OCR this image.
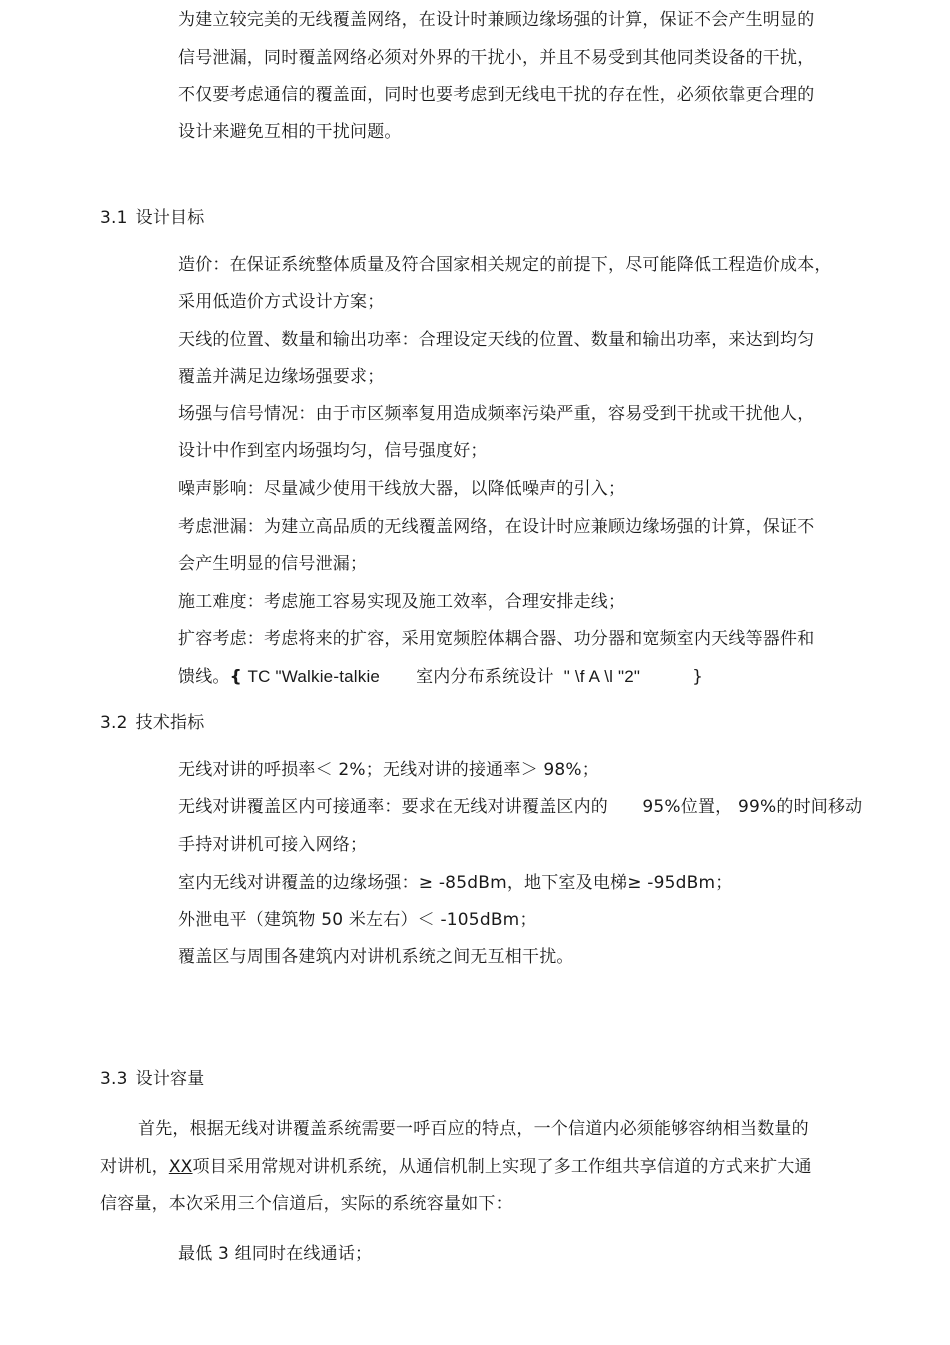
为建立较完美的无线覆盖网络，在设计时兼顾边缘场强的计算，保证不会产生明显的
信号泄漏，同时覆盖网络必须对外界的干扰小，并且不易受到其他同类设备的干扰，
不仅要考虑通信的覆盖面，同时也要考虑到无线电干扰的存在性，必须依靠更合理的
设计来避免互相的干扰问题。
3.1 设计目标
造价：在保证系统整体质量及符合国家相关规定的前提下，尽可能降低工程造价成本，
采用低造价方式设计方案；
天线的位置、数量和输出功率：合理设定天线的位置、数量和输出功率，来达到均匀
覆盖并满足边缘场强要求；
场强与信号情况：由于市区频率复用造成频率污染严重，容易受到干扰或干扰他人，
设计中作到室内场强均匀，信号强度好；
噪声影响：尽量减少使用干线放大器，以降低噪声的引入；
考虑泄漏：为建立高品质的无线覆盖网络，在设计时应兼顾边缘场强的计算，保证不
会产生明显的信号泄漏；
施工难度：考虑施工容易实现及施工效率，合理安排走线；
扩容考虑：考虑将来的扩容，采用宽频腔体耦合器、功分器和宽频室内天线等器件和
馈线。{ TC "Walkie-talkie 室内分布系统设计 " \f A \l "2"	}
3.2 技术指标
无线对讲的呼损率＜ 2%；无线对讲的接通率＞ 98%；
无线对讲覆盖区内可接通率：要求在无线对讲覆盖区内的　　95%位置， 99%的时间移动
手持对讲机可接入网络；
室内无线对讲覆盖的边缘场强：≥ -85dBm，地下室及电梯≥ -95dBm；
外泄电平（建筑物 50 米左右）＜ -105dBm；
覆盖区与周围各建筑内对讲机系统之间无互相干扰。
3.3 设计容量
首先，根据无线对讲覆盖系统需要一呼百应的特点，一个信道内必须能够容纳相当数量的
对讲机，XX项目采用常规对讲机系统，从通信机制上实现了多工作组共享信道的方式来扩大通
信容量，本次采用三个信道后，实际的系统容量如下：
最低 3 组同时在线通话；
